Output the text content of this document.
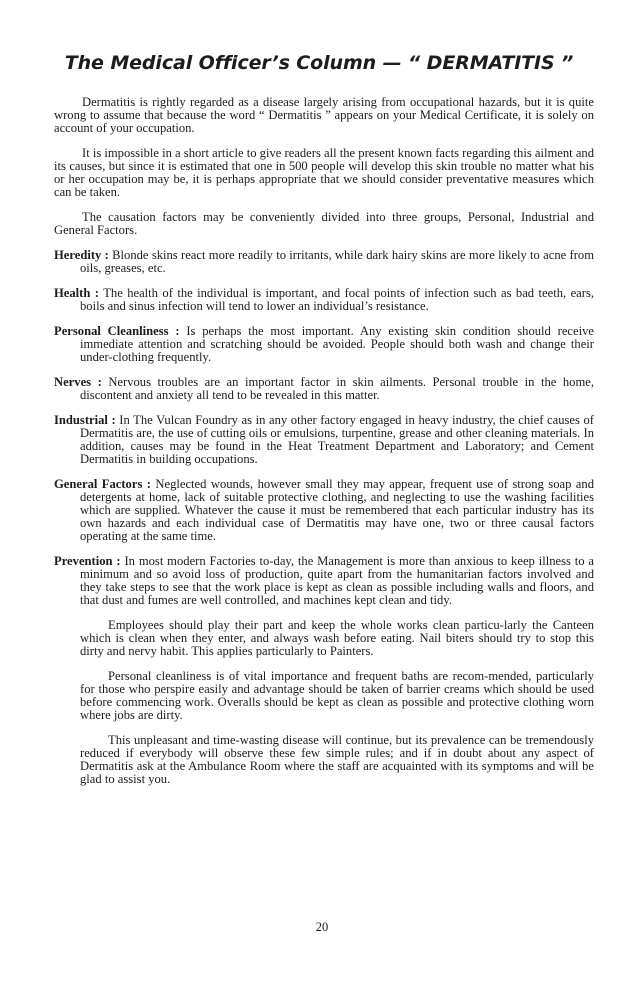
The Medical Officer’s Column — “ DERMATITIS ”

Dermatitis is rightly regarded as a disease largely arising from occupational hazards, but it is quite wrong to assume that because the word “ Dermatitis ” appears on your Medical Certificate, it is solely on account of your occupation.

It is impossible in a short article to give readers all the present known facts regarding this ailment and its causes, but since it is estimated that one in 500 people will develop this skin trouble no matter what his or her occupation may be, it is perhaps appropriate that we should consider preventative measures which can be taken.

The causation factors may be conveniently divided into three groups, Personal, Industrial and General Factors.

Heredity : Blonde skins react more readily to irritants, while dark hairy skins are more likely to acne from oils, greases, etc.

Health : The health of the individual is important, and focal points of infection such as bad teeth, ears, boils and sinus infection will tend to lower an individual’s resistance.

Personal Cleanliness : Is perhaps the most important. Any existing skin condition should receive immediate attention and scratching should be avoided. People should both wash and change their under-clothing frequently.

Nerves : Nervous troubles are an important factor in skin ailments. Personal trouble in the home, discontent and anxiety all tend to be revealed in this matter.

Industrial : In The Vulcan Foundry as in any other factory engaged in heavy industry, the chief causes of Dermatitis are, the use of cutting oils or emulsions, turpentine, grease and other cleaning materials. In addition, causes may be found in the Heat Treatment Department and Laboratory; and Cement Dermatitis in building occupations.

General Factors : Neglected wounds, however small they may appear, frequent use of strong soap and detergents at home, lack of suitable protective clothing, and neglecting to use the washing facilities which are supplied. Whatever the cause it must be remembered that each particular industry has its own hazards and each individual case of Dermatitis may have one, two or three causal factors operating at the same time.

Prevention : In most modern Factories to-day, the Management is more than anxious to keep illness to a minimum and so avoid loss of production, quite apart from the humanitarian factors involved and they take steps to see that the work place is kept as clean as possible including walls and floors, and that dust and fumes are well controlled, and machines kept clean and tidy.

Employees should play their part and keep the whole works clean particu-larly the Canteen which is clean when they enter, and always wash before eating. Nail biters should try to stop this dirty and nervy habit. This applies particularly to Painters.

Personal cleanliness is of vital importance and frequent baths are recom-mended, particularly for those who perspire easily and advantage should be taken of barrier creams which should be used before commencing work. Overalls should be kept as clean as possible and protective clothing worn where jobs are dirty.

This unpleasant and time-wasting disease will continue, but its prevalence can be tremendously reduced if everybody will observe these few simple rules; and if in doubt about any aspect of Dermatitis ask at the Ambulance Room where the staff are acquainted with its symptoms and will be glad to assist you.

20
